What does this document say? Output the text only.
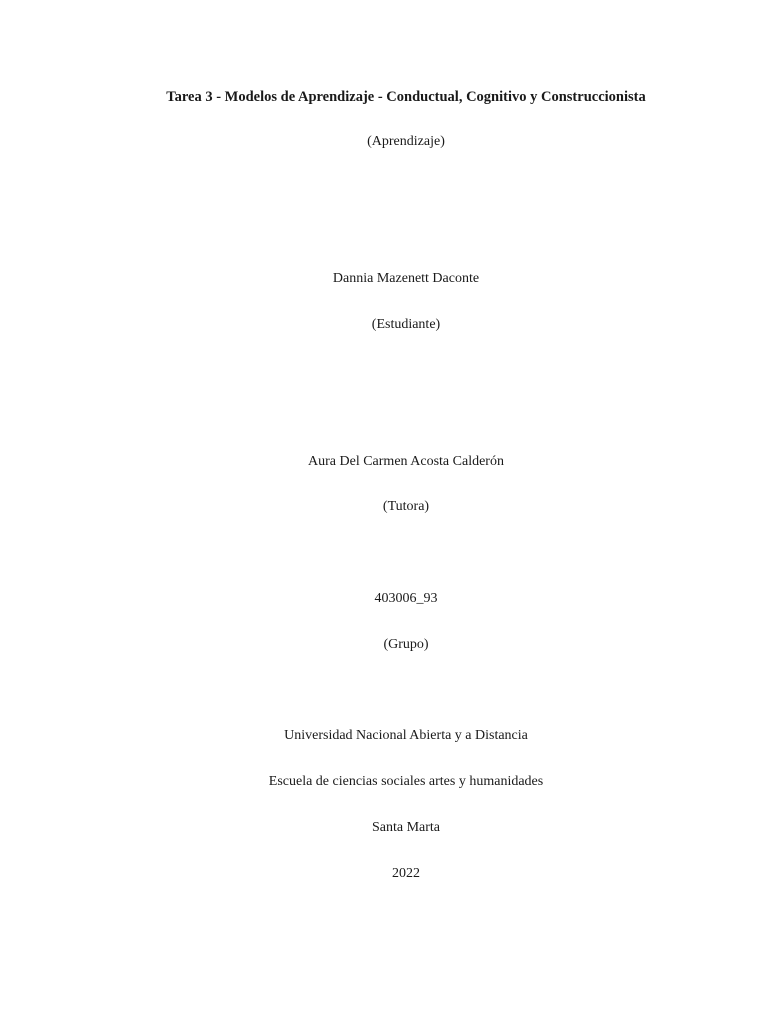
Tarea 3 - Modelos de Aprendizaje - Conductual, Cognitivo y Construccionista
(Aprendizaje)
Dannia Mazenett Daconte
(Estudiante)
Aura Del Carmen Acosta Calderón
(Tutora)
403006_93
(Grupo)
Universidad Nacional Abierta y a Distancia
Escuela de ciencias sociales artes y humanidades
Santa Marta
2022
